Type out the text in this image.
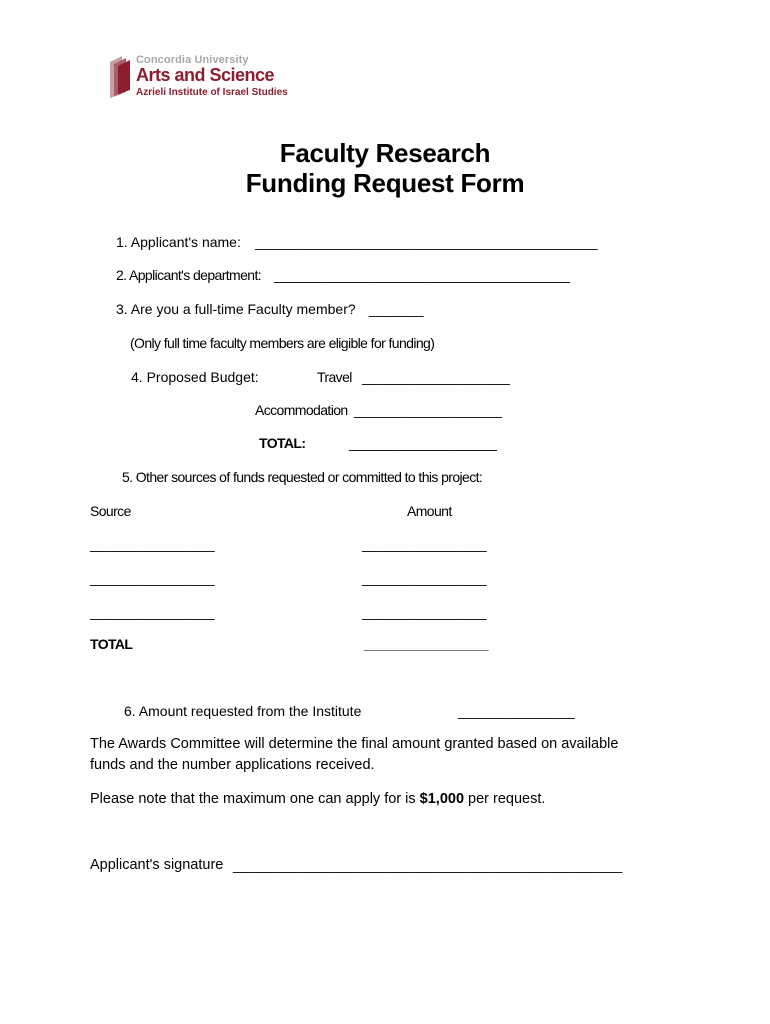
Concordia University
Arts and Science
Azrieli Institute of Israel Studies
Faculty Research
Funding Request Form
1. Applicant's name: ____________________________________________
2. Applicant's department: ______________________________________
3. Are you a full-time Faculty member? _______
(Only full time faculty members are eligible for funding)
4. Proposed Budget:	Travel ___________________
Accommodation ___________________
TOTAL:	___________________
5. Other sources of funds requested or committed to this project:
Source	Amount
________________	________________
________________	________________
________________	________________
TOTAL	________________
6. Amount requested from the Institute	_______________
The Awards Committee will determine the final amount granted based on available
funds and the number applications received.
Please note that the maximum one can apply for is $1,000 per request.
Applicant's signature __________________________________________________
